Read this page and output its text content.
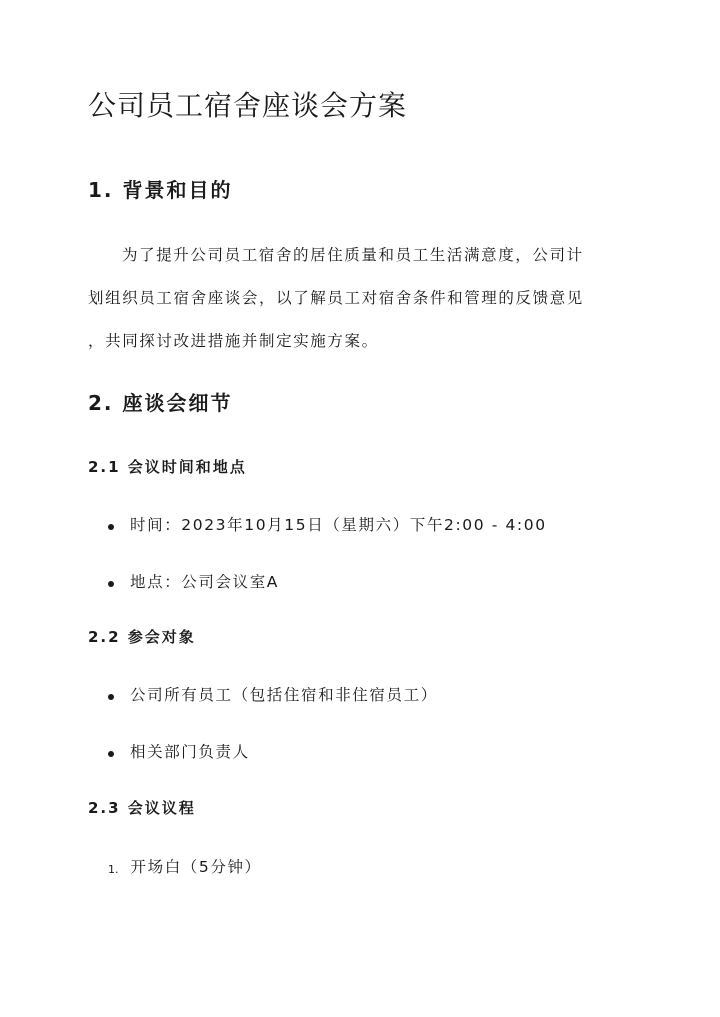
公司员工宿舍座谈会方案
1. 背景和目的

为了提升公司员工宿舍的居住质量和员工生活满意度，公司计

划组织员工宿舍座谈会，以了解员工对宿舍条件和管理的反馈意见

，共同探讨改进措施并制定实施方案。

2. 座谈会细节
2.1 会议时间和地点
时间：2023年10月15日（星期六）下午2:00 - 4:00
地点：公司会议室A
2.2 参会对象
公司所有员工（包括住宿和非住宿员工）
相关部门负责人
2.3 会议议程
1. 开场白（5分钟）
